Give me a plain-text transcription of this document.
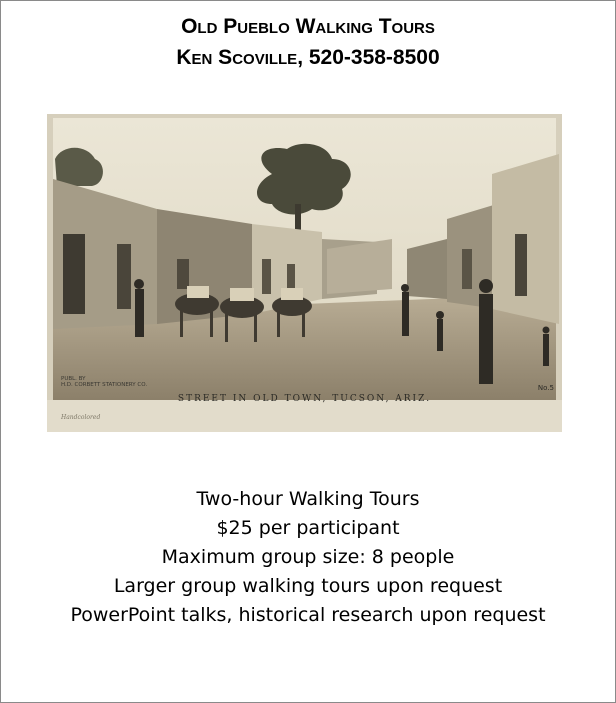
Old Pueblo Walking Tours
Ken Scoville, 520-358-8500
PUBL. BY
H.D. CORBETT STATIONERY CO.
STREET IN OLD TOWN, TUCSON, ARIZ.
No.5
Handcolored
Two-hour Walking Tours
$25 per participant
Maximum group size: 8 people
Larger group walking tours upon request
PowerPoint talks, historical research upon request
